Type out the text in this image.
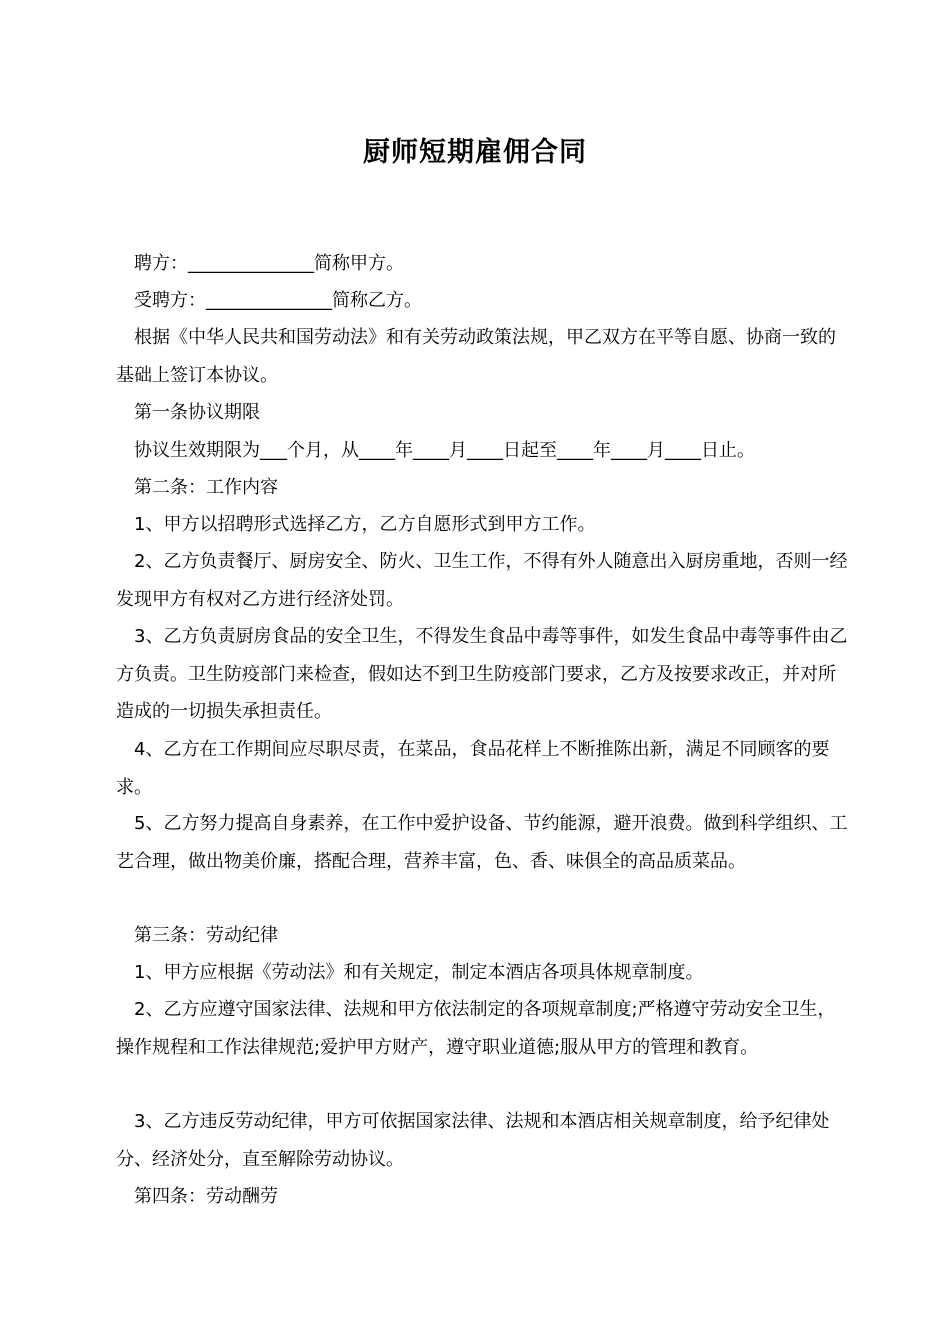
厨师短期雇佣合同
聘方：______________简称甲方。
受聘方：______________简称乙方。
根据《中华人民共和国劳动法》和有关劳动政策法规，甲乙双方在平等自愿、协商一致的基础上签订本协议。
第一条协议期限
协议生效期限为___个月，从____年____月____日起至____年____月____日止。
第二条：工作内容
1、甲方以招聘形式选择乙方，乙方自愿形式到甲方工作。
2、乙方负责餐厅、厨房安全、防火、卫生工作，不得有外人随意出入厨房重地，否则一经发现甲方有权对乙方进行经济处罚。
3、乙方负责厨房食品的安全卫生，不得发生食品中毒等事件，如发生食品中毒等事件由乙方负责。卫生防疫部门来检查，假如达不到卫生防疫部门要求，乙方及按要求改正，并对所造成的一切损失承担责任。
4、乙方在工作期间应尽职尽责，在菜品，食品花样上不断推陈出新，满足不同顾客的要求。
5、乙方努力提高自身素养，在工作中爱护设备、节约能源，避开浪费。做到科学组织、工艺合理，做出物美价廉，搭配合理，营养丰富，色、香、味俱全的高品质菜品。
第三条：劳动纪律
1、甲方应根据《劳动法》和有关规定，制定本酒店各项具体规章制度。
2、乙方应遵守国家法律、法规和甲方依法制定的各项规章制度;严格遵守劳动安全卫生，操作规程和工作法律规范;爱护甲方财产，遵守职业道德;服从甲方的管理和教育。
3、乙方违反劳动纪律，甲方可依据国家法律、法规和本酒店相关规章制度，给予纪律处分、经济处分，直至解除劳动协议。
第四条：劳动酬劳
